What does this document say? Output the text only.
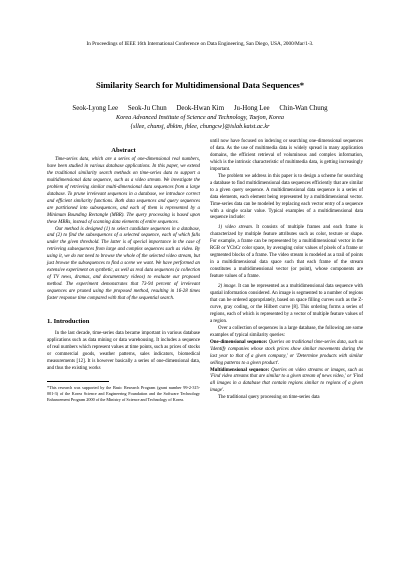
In Proceedings of IEEE 16th International Conference on Data Engineering, San Diego, USA, 2000/Mar/1-3.
Similarity Search for Multidimensional Data Sequences*
Seok-Lyong Lee Seok-Ju Chun Deok-Hwan Kim Ju-Hong Lee Chin-Wan Chung
Korea Advanced Institute of Science and Technology, Taejon, Korea
{sllee, chunsj, dhkim, jhlee, chungcw}@islab.kaist.ac.kr
Abstract

Time-series data, which are a series of one-dimensional real numbers, have been studied in various database applications. In this paper, we extend the traditional similarity search methods on time-series data to support a multidimensional data sequence, such as a video stream. We investigate the problem of retrieving similar multi-dimensional data sequences from a large database. To prune irrelevant sequences in a database, we introduce correct and efficient similarity functions. Both data sequences and query sequences are partitioned into subsequences, and each of them is represented by a Minimum Bounding Rectangle (MBR). The query processing is based upon these MBRs, instead of scanning data elements of entire sequences.

Our method is designed (1) to select candidate sequences in a database, and (2) to find the subsequences of a selected sequence, each of which falls under the given threshold. The latter is of special importance in the case of retrieving subsequences from large and complex sequences such as video. By using it, we do not need to browse the whole of the selected video stream, but just browse the subsequences to find a scene we want. We have performed an extensive experiment on synthetic, as well as real data sequences (a collection of TV news, dramas, and documentary videos) to evaluate our proposed method. The experiment demonstrates that 73-94 percent of irrelevant sequences are pruned using the proposed method, resulting in 16-28 times faster response time compared with that of the sequential search.

1. Introduction

In the last decade, time-series data became important in various database applications such as data mining or data warehousing. It includes a sequence of real numbers which represent values at time points, such as prices of stocks or commercial goods, weather patterns, sales indicators, biomedical measurements [12]. It is however basically a series of one-dimensional data, and thus the existing works

*This research was supported by the Basic Research Program (grant number 99-2-315-001-3) of the Korea Science and Engineering Foundation and the Software Technology Enhancement Program 2000 of the Ministry of Science and Technology of Korea.

until now have focused on indexing or searching one-dimensional sequences of data. As the use of multimedia data is widely spread in many application domains, the efficient retrieval of voluminous and complex information, which is the intrinsic characteristic of multimedia data, is getting increasingly important.

The problem we address in this paper is to design a scheme for searching a database to find multidimensional data sequences efficiently that are similar to a given query sequence. A multidimensional data sequence is a series of data elements, each element being represented by a multidimensional vector. Time-series data can be modeled by replacing each vector entry of a sequence with a single scalar value. Typical examples of a multidimensional data sequence include:

1) video stream. It consists of multiple frames and each frame is characterized by multiple feature attributes such as color, texture or shape. For example, a frame can be represented by a multidimensional vector in the RGB or YCbCr color space, by averaging color values of pixels of a frame or segmented blocks of a frame. The video stream is modeled as a trail of points in a multidimensional data space such that each frame of the stream constitutes a multidimensional vector (or point), whose components are feature values of a frame.

2) image. It can be represented as a multidimensional data sequence with spatial information considered. An image is segmented to a number of regions that can be ordered appropriately, based on space filling curves such as the Z-curve, gray coding, or the Hilbert curve [8]. This ordering forms a series of regions, each of which is represented by a vector of multiple feature values of a region.

Over a collection of sequences in a large database, the following are some examples of typical similarity queries:

One-dimensional sequence: Queries on traditional time-series data, such as 'Identify companies whose stock prices show similar movements during the last year to that of a given company,' or 'Determine products with similar selling patterns to a given product'.

Multidimensional sequence: Queries on video streams or images, such as 'Find video streams that are similar to a given stream of news video,' or 'Find all images in a database that contain regions similar to regions of a given image'.

The traditional query processing on time-series data
